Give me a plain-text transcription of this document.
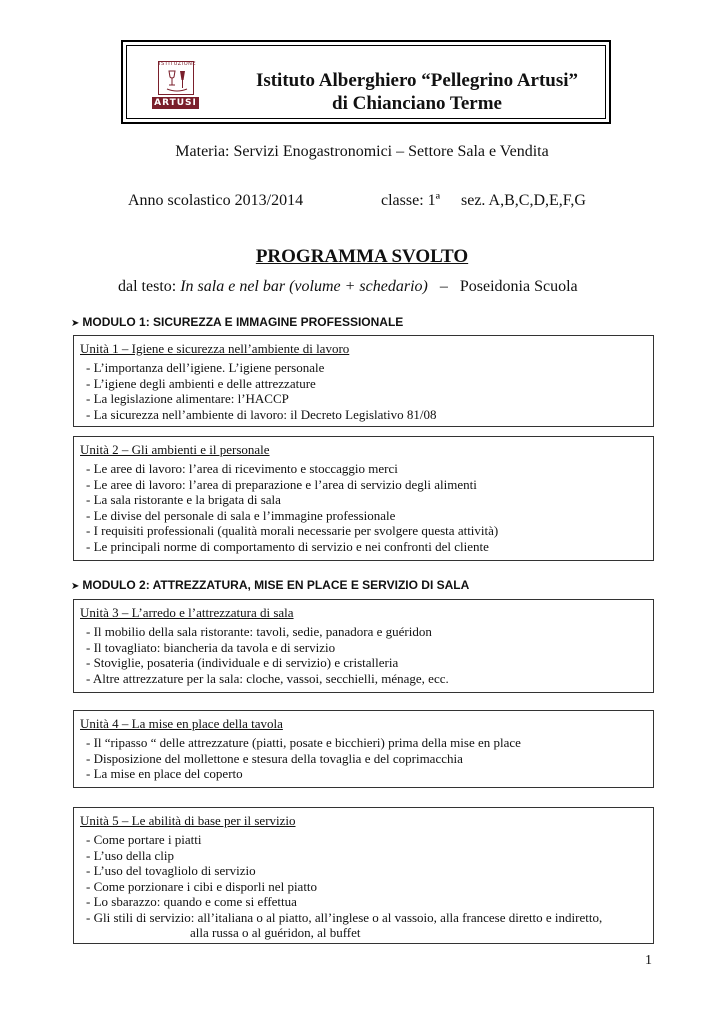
ISTITUZIONE
ARTUSI
Istituto Alberghiero “Pellegrino Artusi”
di Chianciano Terme
Materia: Servizi Enogastronomici – Settore Sala e Vendita
Anno scolastico 2013/2014	classe: 1ª sez. A,B,C,D,E,F,G
PROGRAMMA SVOLTO
dal testo: In sala e nel bar (volume + schedario) – Poseidonia Scuola
➤ MODULO 1: SICUREZZA E IMMAGINE PROFESSIONALE
Unità 1 – Igiene e sicurezza nell’ambiente di lavoro
- L’importanza dell’igiene. L’igiene personale
- L’igiene degli ambienti e delle attrezzature
- La legislazione alimentare: l’HACCP
- La sicurezza nell’ambiente di lavoro: il Decreto Legislativo 81/08
Unità 2 – Gli ambienti e il personale
- Le aree di lavoro: l’area di ricevimento e stoccaggio merci
- Le aree di lavoro: l’area di preparazione e l’area di servizio degli alimenti
- La sala ristorante e la brigata di sala
- Le divise del personale di sala e l’immagine professionale
- I requisiti professionali (qualità morali necessarie per svolgere questa attività)
- Le principali norme di comportamento di servizio e nei confronti del cliente
➤ MODULO 2: ATTREZZATURA, MISE EN PLACE E SERVIZIO DI SALA
Unità 3 – L’arredo e l’attrezzatura di sala
- Il mobilio della sala ristorante: tavoli, sedie, panadora e guéridon
- Il tovagliato: biancheria da tavola e di servizio
- Stoviglie, posateria (individuale e di servizio) e cristalleria
- Altre attrezzature per la sala: cloche, vassoi, secchielli, ménage, ecc.
Unità 4 – La mise en place della tavola
- Il “ripasso “ delle attrezzature (piatti, posate e bicchieri) prima della mise en place
- Disposizione del mollettone e stesura della tovaglia e del coprimacchia
- La mise en place del coperto
Unità 5 – Le abilità di base per il servizio
- Come portare i piatti
- L’uso della clip
- L’uso del tovagliolo di servizio
- Come porzionare i cibi e disporli nel piatto
- Lo sbarazzo: quando e come si effettua
- Gli stili di servizio: all’italiana o al piatto, all’inglese o al vassoio, alla francese diretto e indiretto,
alla russa o al guéridon, al buffet
1
